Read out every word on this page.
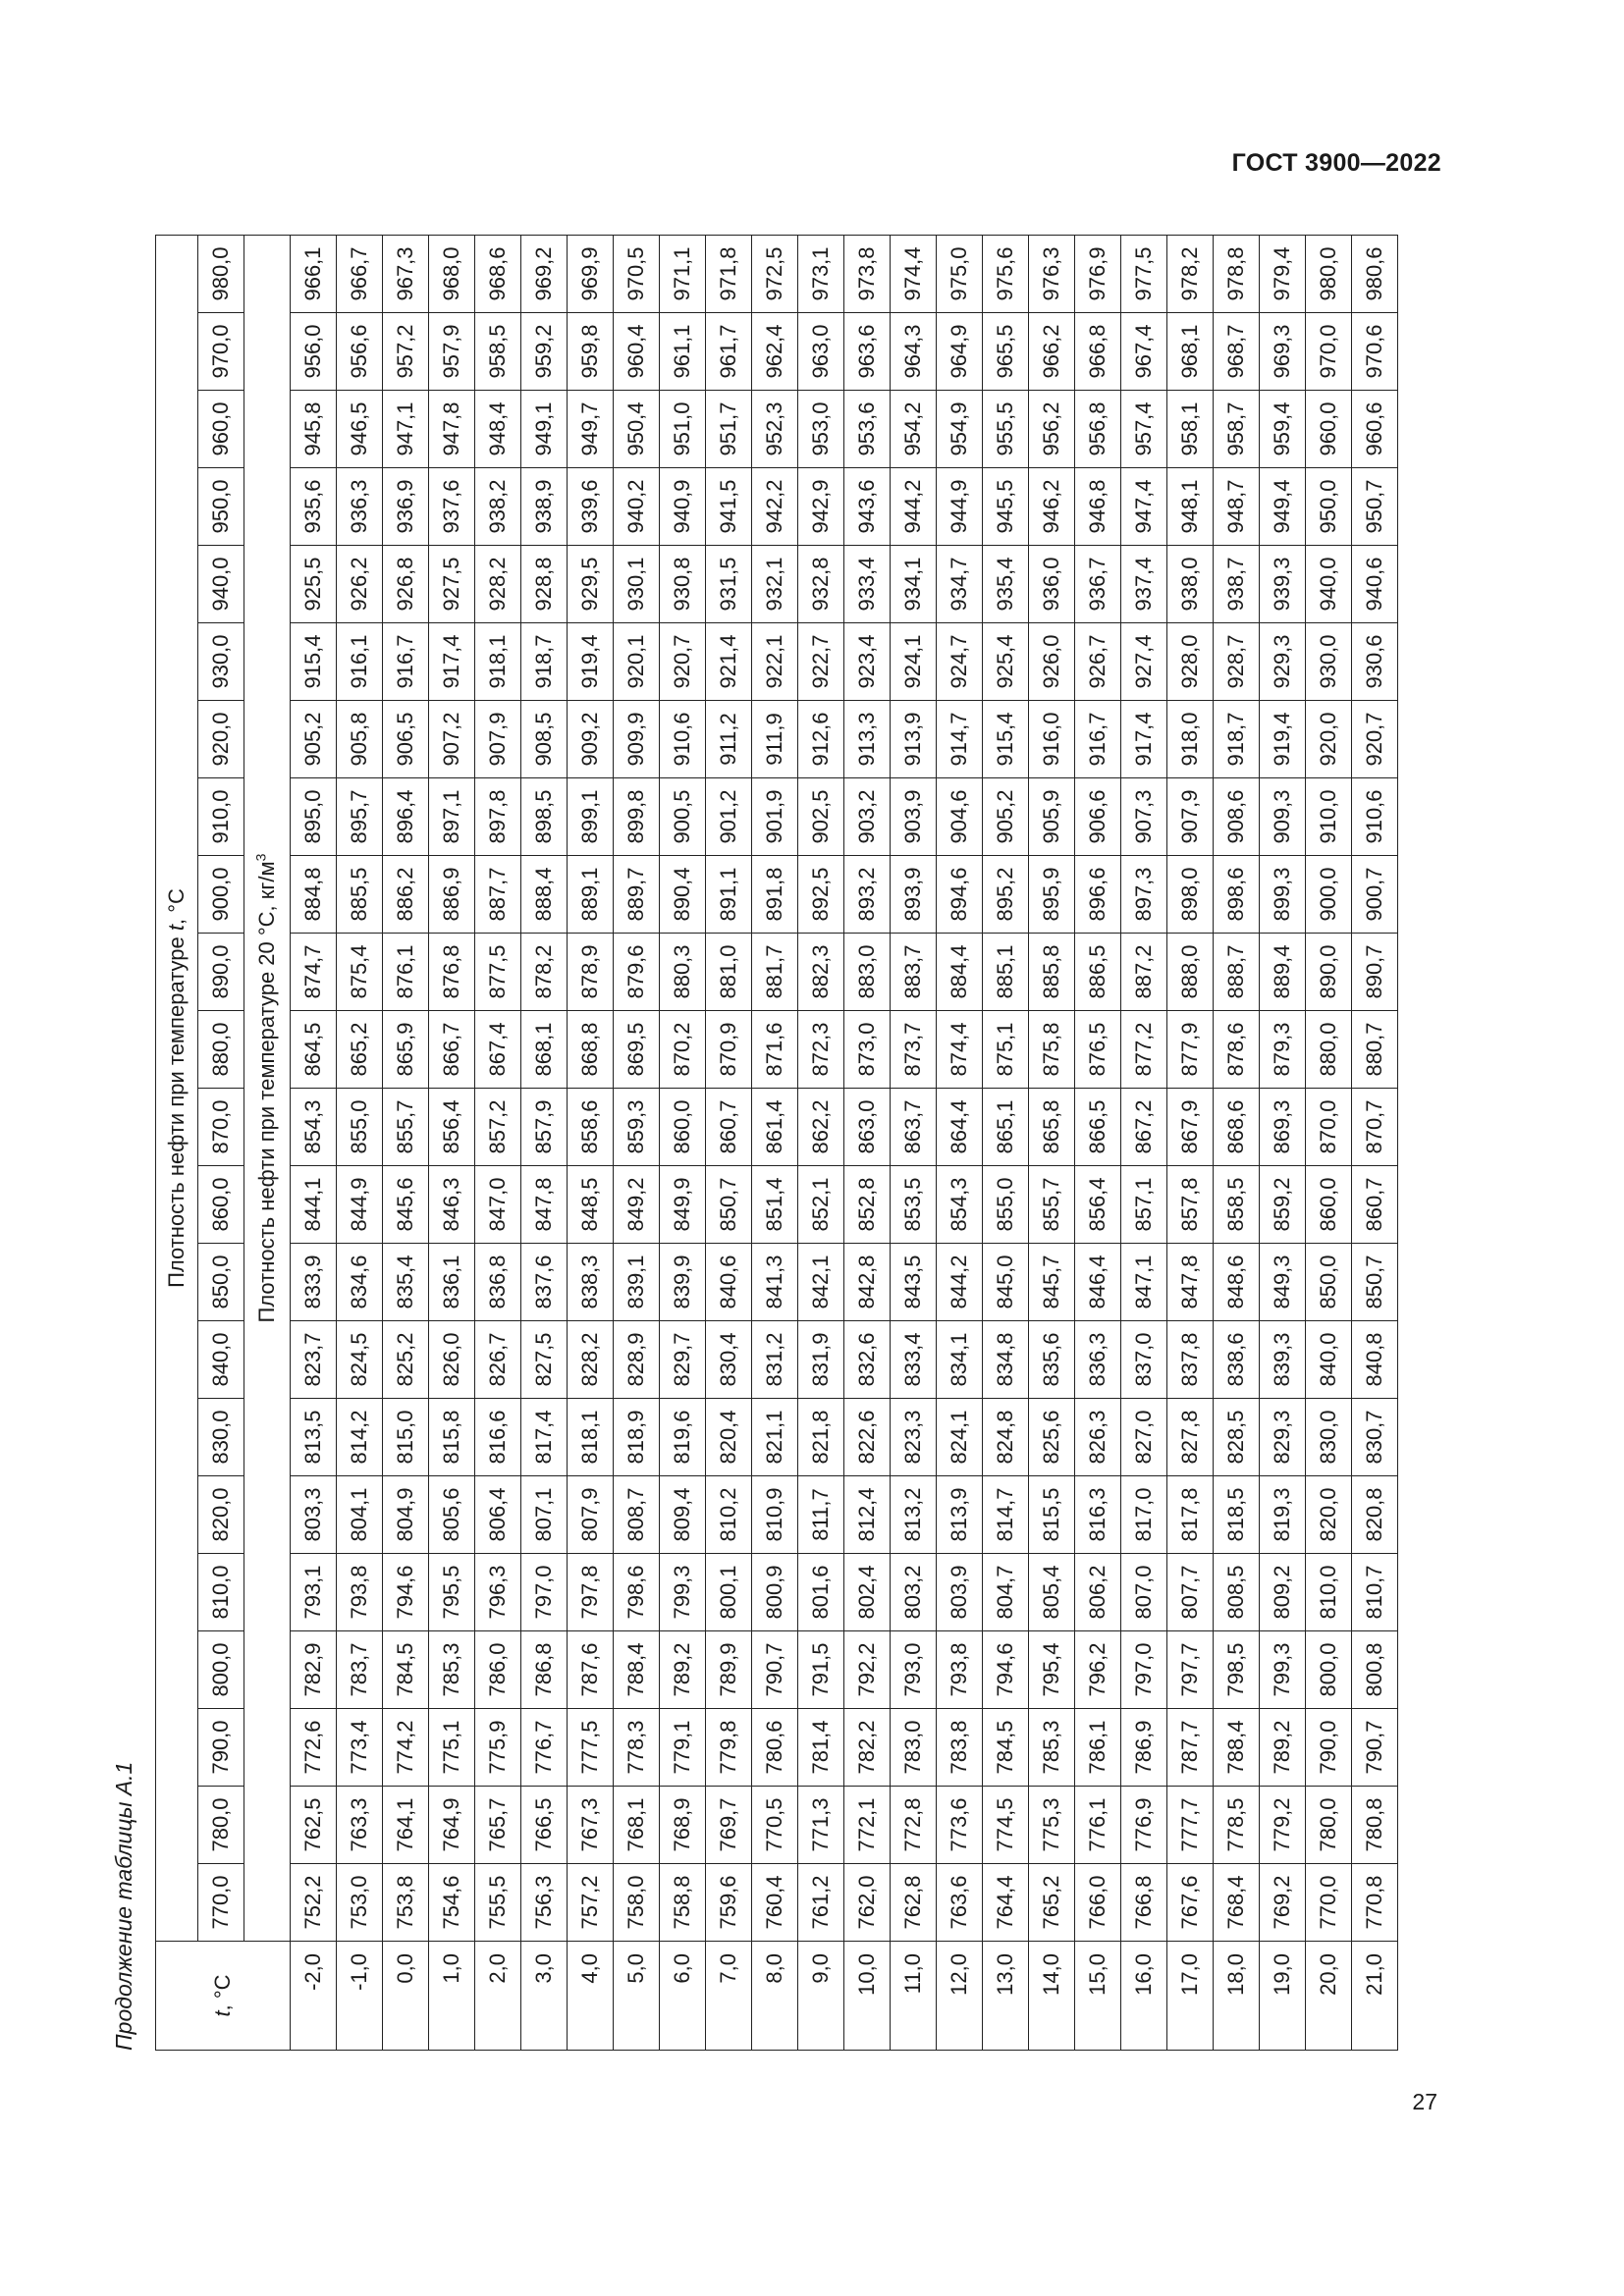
ГОСТ 3900—2022
Продолжение таблицы А.1	t, °C	Плотность нефти при температуре t, °C																					
	770,0	780,0	790,0	800,0	810,0	820,0	830,0	840,0	850,0	860,0	870,0	880,0	890,0	900,0	910,0	920,0	930,0	940,0	950,0	960,0	970,0	980,0
	Плотность нефти при температуре 20 °C, $кг/м^3$
-2,0	752,2	762,5	772,6	782,9	793,1	803,3	813,5	823,7	833,9	844,1	854,3	864,5	874,7	884,8	895,0	905,2	915,4	925,5	935,6	945,8	956,0	966,1
-1,0	753,0	763,3	773,4	783,7	793,8	804,1	814,2	824,5	834,6	844,9	855,0	865,2	875,4	885,5	895,7	905,8	916,1	926,2	936,3	946,5	956,6	966,7
0,0	753,8	764,1	774,2	784,5	794,6	804,9	815,0	825,2	835,4	845,6	855,7	865,9	876,1	886,2	896,4	906,5	916,7	926,8	936,9	947,1	957,2	967,3
1,0	754,6	764,9	775,1	785,3	795,5	805,6	815,8	826,0	836,1	846,3	856,4	866,7	876,8	886,9	897,1	907,2	917,4	927,5	937,6	947,8	957,9	968,0
2,0	755,5	765,7	775,9	786,0	796,3	806,4	816,6	826,7	836,8	847,0	857,2	867,4	877,5	887,7	897,8	907,9	918,1	928,2	938,2	948,4	958,5	968,6
3,0	756,3	766,5	776,7	786,8	797,0	807,1	817,4	827,5	837,6	847,8	857,9	868,1	878,2	888,4	898,5	908,5	918,7	928,8	938,9	949,1	959,2	969,2
4,0	757,2	767,3	777,5	787,6	797,8	807,9	818,1	828,2	838,3	848,5	858,6	868,8	878,9	889,1	899,1	909,2	919,4	929,5	939,6	949,7	959,8	969,9
5,0	758,0	768,1	778,3	788,4	798,6	808,7	818,9	828,9	839,1	849,2	859,3	869,5	879,6	889,7	899,8	909,9	920,1	930,1	940,2	950,4	960,4	970,5
6,0	758,8	768,9	779,1	789,2	799,3	809,4	819,6	829,7	839,9	849,9	860,0	870,2	880,3	890,4	900,5	910,6	920,7	930,8	940,9	951,0	961,1	971,1
7,0	759,6	769,7	779,8	789,9	800,1	810,2	820,4	830,4	840,6	850,7	860,7	870,9	881,0	891,1	901,2	911,2	921,4	931,5	941,5	951,7	961,7	971,8
8,0	760,4	770,5	780,6	790,7	800,9	810,9	821,1	831,2	841,3	851,4	861,4	871,6	881,7	891,8	901,9	911,9	922,1	932,1	942,2	952,3	962,4	972,5
9,0	761,2	771,3	781,4	791,5	801,6	811,7	821,8	831,9	842,1	852,1	862,2	872,3	882,3	892,5	902,5	912,6	922,7	932,8	942,9	953,0	963,0	973,1
10,0	762,0	772,1	782,2	792,2	802,4	812,4	822,6	832,6	842,8	852,8	863,0	873,0	883,0	893,2	903,2	913,3	923,4	933,4	943,6	953,6	963,6	973,8
11,0	762,8	772,8	783,0	793,0	803,2	813,2	823,3	833,4	843,5	853,5	863,7	873,7	883,7	893,9	903,9	913,9	924,1	934,1	944,2	954,2	964,3	974,4
12,0	763,6	773,6	783,8	793,8	803,9	813,9	824,1	834,1	844,2	854,3	864,4	874,4	884,4	894,6	904,6	914,7	924,7	934,7	944,9	954,9	964,9	975,0
13,0	764,4	774,5	784,5	794,6	804,7	814,7	824,8	834,8	845,0	855,0	865,1	875,1	885,1	895,2	905,2	915,4	925,4	935,4	945,5	955,5	965,5	975,6
14,0	765,2	775,3	785,3	795,4	805,4	815,5	825,6	835,6	845,7	855,7	865,8	875,8	885,8	895,9	905,9	916,0	926,0	936,0	946,2	956,2	966,2	976,3
15,0	766,0	776,1	786,1	796,2	806,2	816,3	826,3	836,3	846,4	856,4	866,5	876,5	886,5	896,6	906,6	916,7	926,7	936,7	946,8	956,8	966,8	976,9
16,0	766,8	776,9	786,9	797,0	807,0	817,0	827,0	837,0	847,1	857,1	867,2	877,2	887,2	897,3	907,3	917,4	927,4	937,4	947,4	957,4	967,4	977,5
17,0	767,6	777,7	787,7	797,7	807,7	817,8	827,8	837,8	847,8	857,8	867,9	877,9	888,0	898,0	907,9	918,0	928,0	938,0	948,1	958,1	968,1	978,2
18,0	768,4	778,5	788,4	798,5	808,5	818,5	828,5	838,6	848,6	858,5	868,6	878,6	888,7	898,6	908,6	918,7	928,7	938,7	948,7	958,7	968,7	978,8
19,0	769,2	779,2	789,2	799,3	809,2	819,3	829,3	839,3	849,3	859,2	869,3	879,3	889,4	899,3	909,3	919,4	929,3	939,3	949,4	959,4	969,3	979,4
20,0	770,0	780,0	790,0	800,0	810,0	820,0	830,0	840,0	850,0	860,0	870,0	880,0	890,0	900,0	910,0	920,0	930,0	940,0	950,0	960,0	970,0	980,0
21,0	770,8	780,8	790,7	800,8	810,7	820,8	830,7	840,8	850,7	860,7	870,7	880,7	890,7	900,7	910,6	920,7	930,6	940,6	950,7	960,6	970,6	980,6
27
